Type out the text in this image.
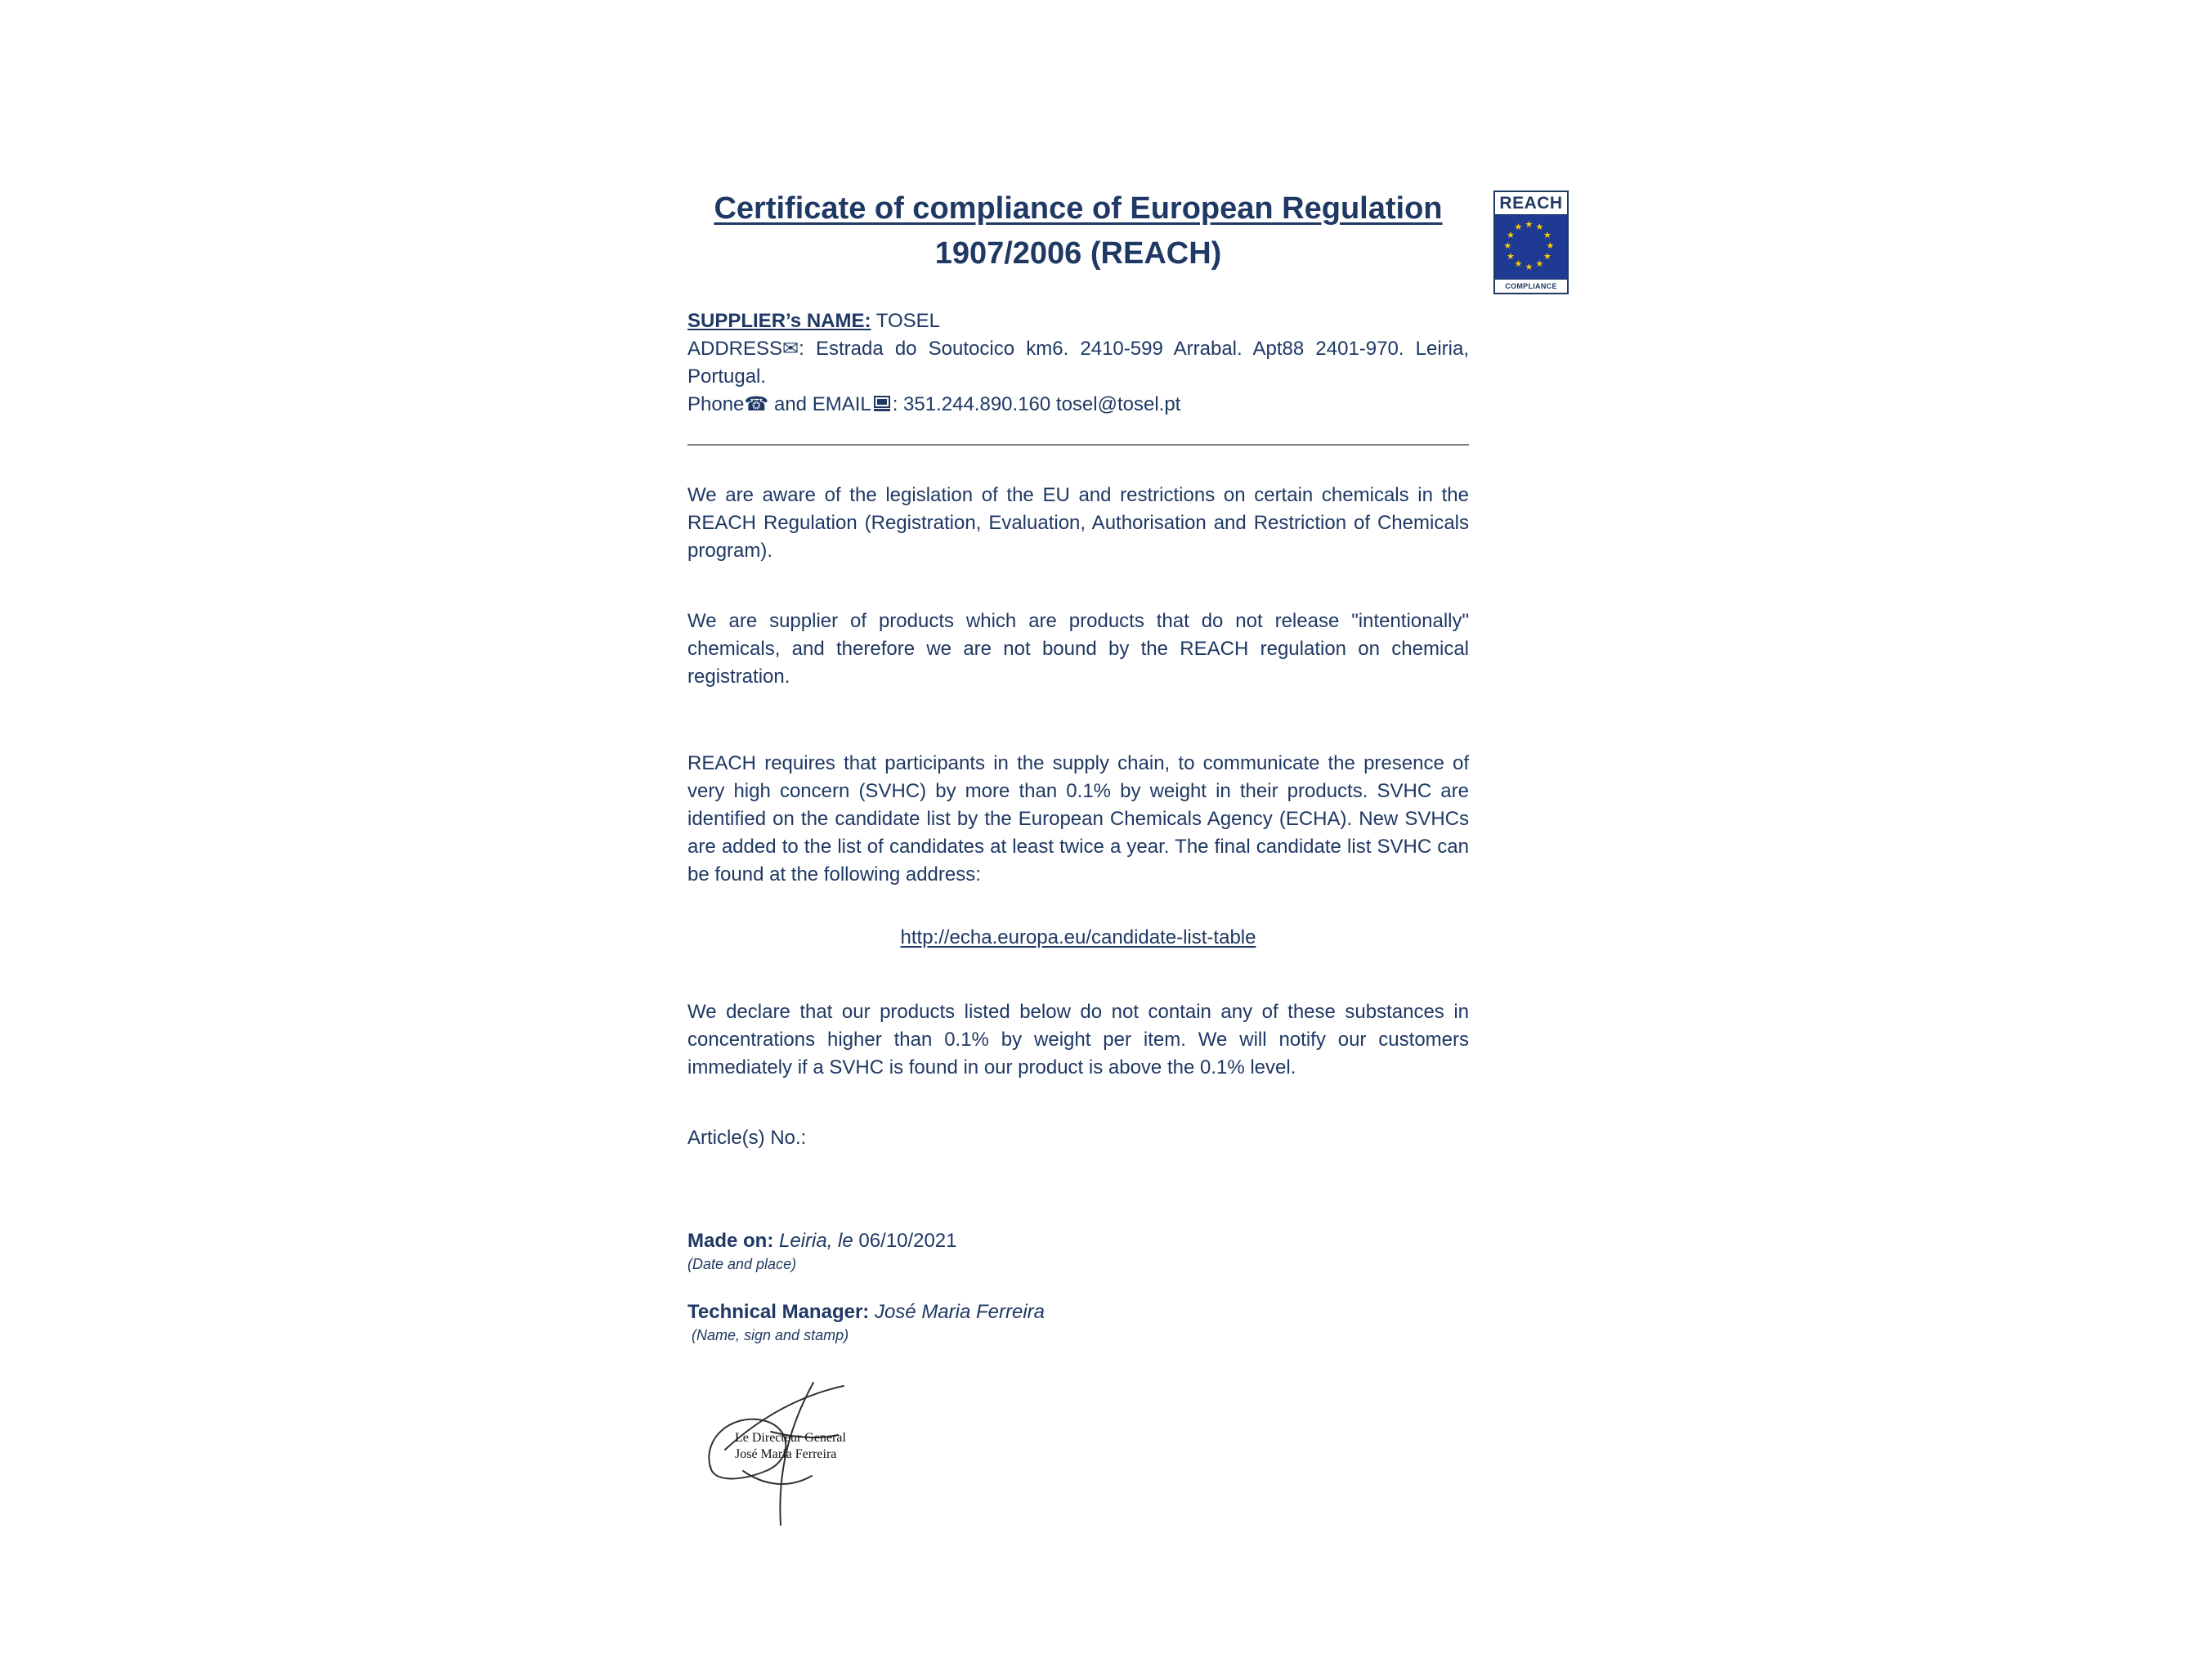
REACH
★ ★
★
★
★
★
★
★
★
★
★
★
COMPLIANCE
Certificate of compliance of European Regulation
1907/2006 (REACH)
SUPPLIER’s NAME: TOSEL
ADDRESS✉: Estrada do Soutocico km6. 2410-599 Arrabal. Apt88 2401-970. Leiria, Portugal.
Phone☎ and EMAIL : 351.244.890.160 tosel@tosel.pt

We are aware of the legislation of the EU and restrictions on certain chemicals in the REACH Regulation (Registration, Evaluation, Authorisation and Restriction of Chemicals program).

We are supplier of products which are products that do not release "intentionally" chemicals, and therefore we are not bound by the REACH regulation on chemical registration.

REACH requires that participants in the supply chain, to communicate the presence of very high concern (SVHC) by more than 0.1% by weight in their products. SVHC are identified on the candidate list by the European Chemicals Agency (ECHA). New SVHCs are added to the list of candidates at least twice a year. The final candidate list SVHC can be found at the following address:

http://echa.europa.eu/candidate-list-table

We declare that our products listed below do not contain any of these substances in concentrations higher than 0.1% by weight per item. We will notify our customers immediately if a SVHC is found in our product is above the 0.1% level.

Article(s) No.:

Made on: Leiria, le 06/10/2021
(Date and place)
Technical Manager: José Maria Ferreira
(Name, sign and stamp)
Le Directeur General
José Maria Ferreira
